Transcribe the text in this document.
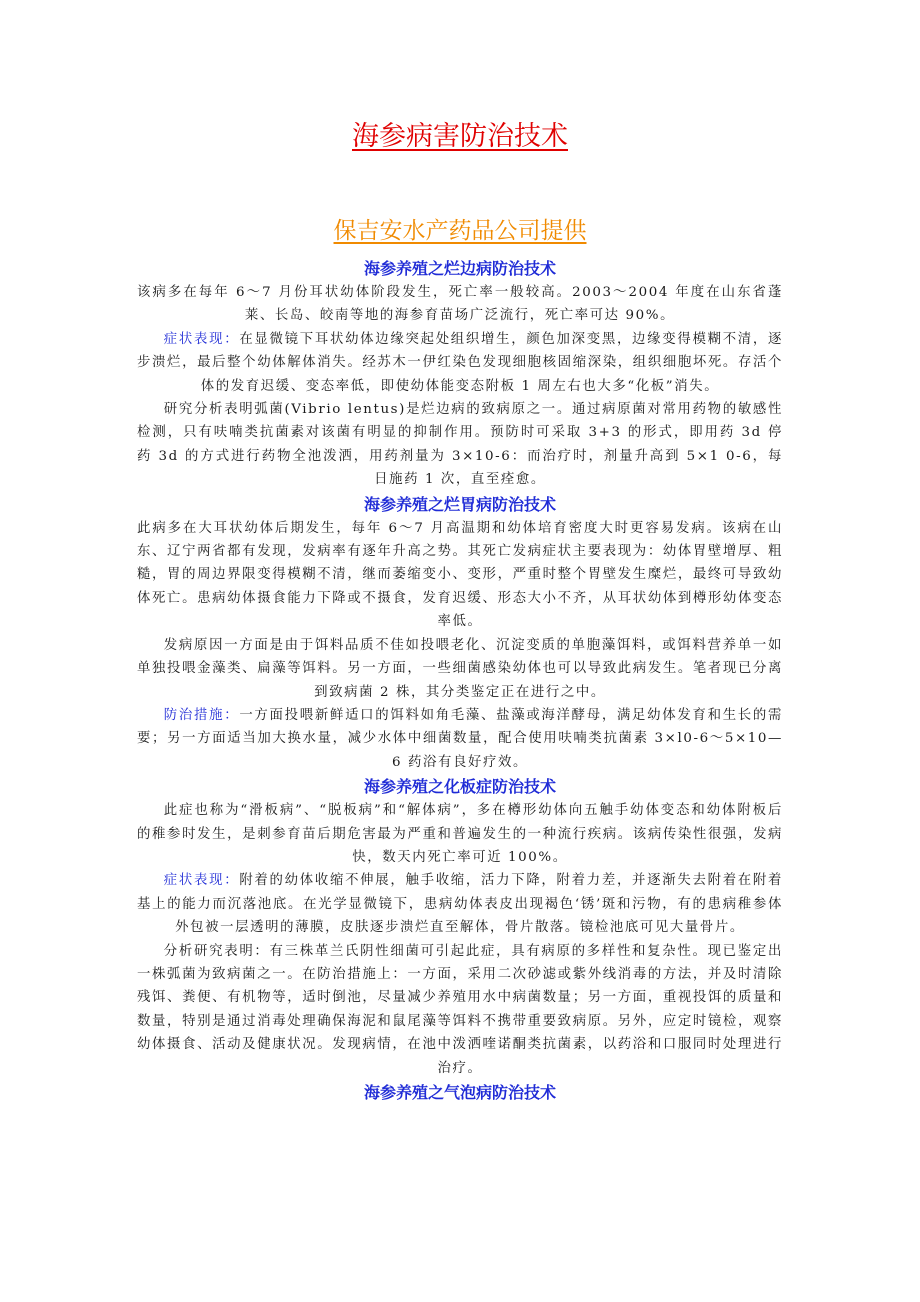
海参病害防治技术
保吉安水产药品公司提供
海参养殖之烂边病防治技术

该病多在每年 6～7 月份耳状幼体阶段发生，死亡率一般较高。2003～2004 年度在山东省蓬莱、长岛、皎南等地的海参育苗场广泛流行，死亡率可达 90%。

症状表现：在显微镜下耳状幼体边缘突起处组织增生，颜色加深变黑，边缘变得模糊不清，逐步溃烂，最后整个幼体解体消失。经苏木一伊红染色发现细胞核固缩深染，组织细胞坏死。存活个体的发育迟缓、变态率低，即使幼体能变态附板 1 周左右也大多“化板”消失。

研究分析表明弧菌(Vibrio lentus)是烂边病的致病原之一。通过病原菌对常用药物的敏感性检测，只有呋喃类抗菌素对该菌有明显的抑制作用。预防时可采取 3+3 的形式，即用药 3d 停药 3d 的方式进行药物全池泼洒，用药剂量为 3×10-6：而治疗时，剂量升高到 5×1 0-6，每日施药 1 次，直至痊愈。

海参养殖之烂胃病防治技术

此病多在大耳状幼体后期发生，每年 6～7 月高温期和幼体培育密度大时更容易发病。该病在山东、辽宁两省都有发现，发病率有逐年升高之势。其死亡发病症状主要表现为：幼体胃壁增厚、粗糙，胃的周边界限变得模糊不清，继而萎缩变小、变形，严重时整个胃壁发生糜烂，最终可导致幼体死亡。患病幼体摄食能力下降或不摄食，发育迟缓、形态大小不齐，从耳状幼体到樽形幼体变态率低。

发病原因一方面是由于饵料品质不佳如投喂老化、沉淀变质的单胞藻饵料，或饵料营养单一如单独投喂金藻类、扁藻等饵料。另一方面，一些细菌感染幼体也可以导致此病发生。笔者现已分离到致病菌 2 株，其分类鉴定正在进行之中。

防治措施：一方面投喂新鲜适口的饵料如角毛藻、盐藻或海洋酵母，满足幼体发育和生长的需要；另一方面适当加大换水量，减少水体中细菌数量，配合使用呋喃类抗菌素 3×l0-6～5×10—6 药浴有良好疗效。

海参养殖之化板症防治技术

此症也称为“滑板病”、“脱板病”和“解体病”，多在樽形幼体向五触手幼体变态和幼体附板后的稚参时发生，是刺参育苗后期危害最为严重和普遍发生的一种流行疾病。该病传染性很强，发病快，数天内死亡率可近 100%。

症状表现：附着的幼体收缩不伸展，触手收缩，活力下降，附着力差，并逐渐失去附着在附着基上的能力而沉落池底。在光学显微镜下，患病幼体表皮出现褐色‘锈’斑和污物，有的患病稚参体外包被一层透明的薄膜，皮肤逐步溃烂直至解体，骨片散落。镜检池底可见大量骨片。

分析研究表明：有三株革兰氏阴性细菌可引起此症，具有病原的多样性和复杂性。现已鉴定出一株弧菌为致病菌之一。在防治措施上：一方面，采用二次砂滤或紫外线消毒的方法，并及时清除残饵、粪便、有机物等，适时倒池，尽量减少养殖用水中病菌数量；另一方面，重视投饵的质量和数量，特别是通过消毒处理确保海泥和鼠尾藻等饵料不携带重要致病原。另外，应定时镜检，观察幼体摄食、活动及健康状况。发现病情，在池中泼洒喹诺酮类抗菌素，以药浴和口服同时处理进行治疗。

海参养殖之气泡病防治技术
